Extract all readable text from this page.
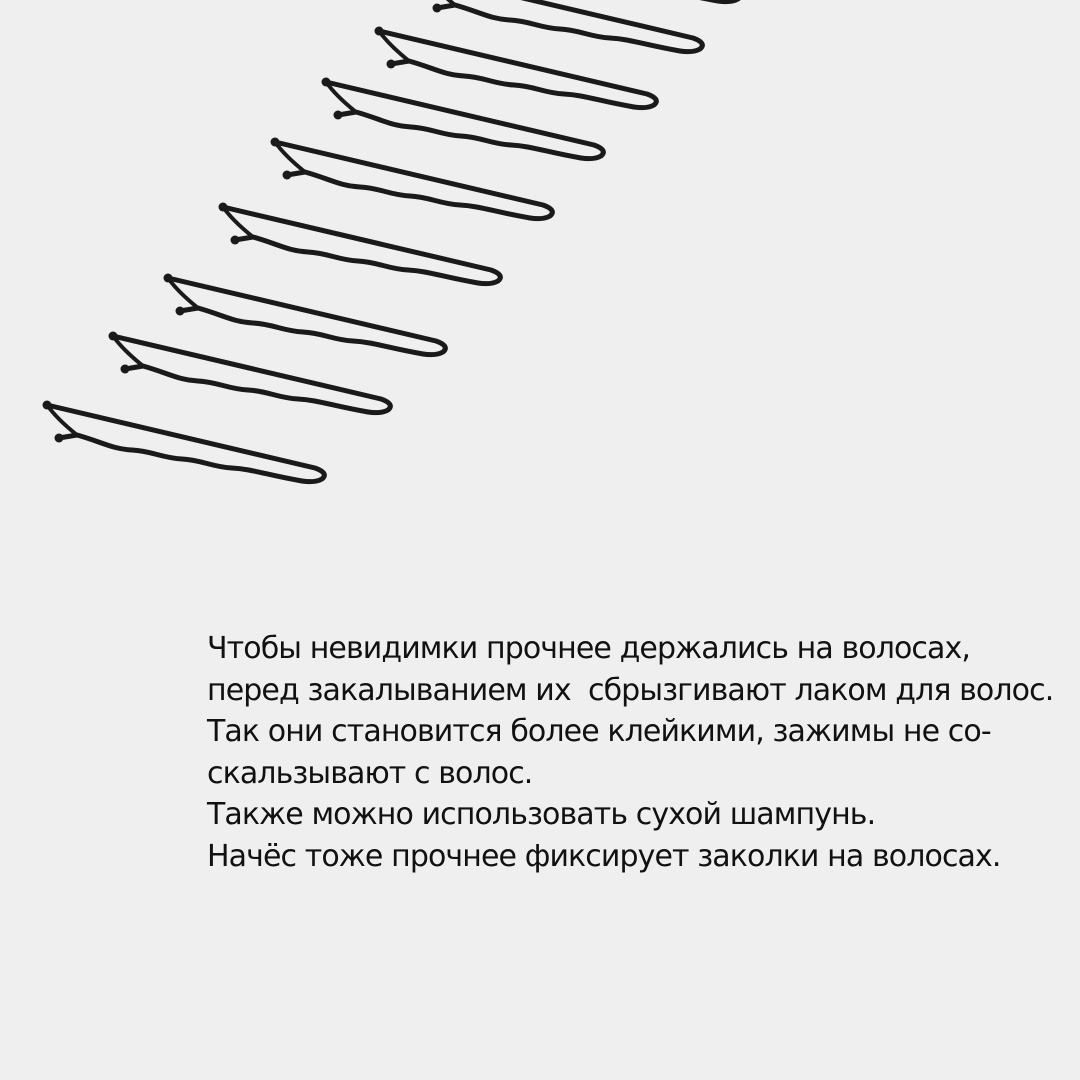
Чтобы невидимки прочнее держались на волосах,

перед закалыванием их  сбрызгивают лаком для волос.

Так они становится более клейкими, зажимы не со-

скальзывают с волос.

Также можно использовать сухой шампунь.

Начёс тоже прочнее фиксирует заколки на волосах.
